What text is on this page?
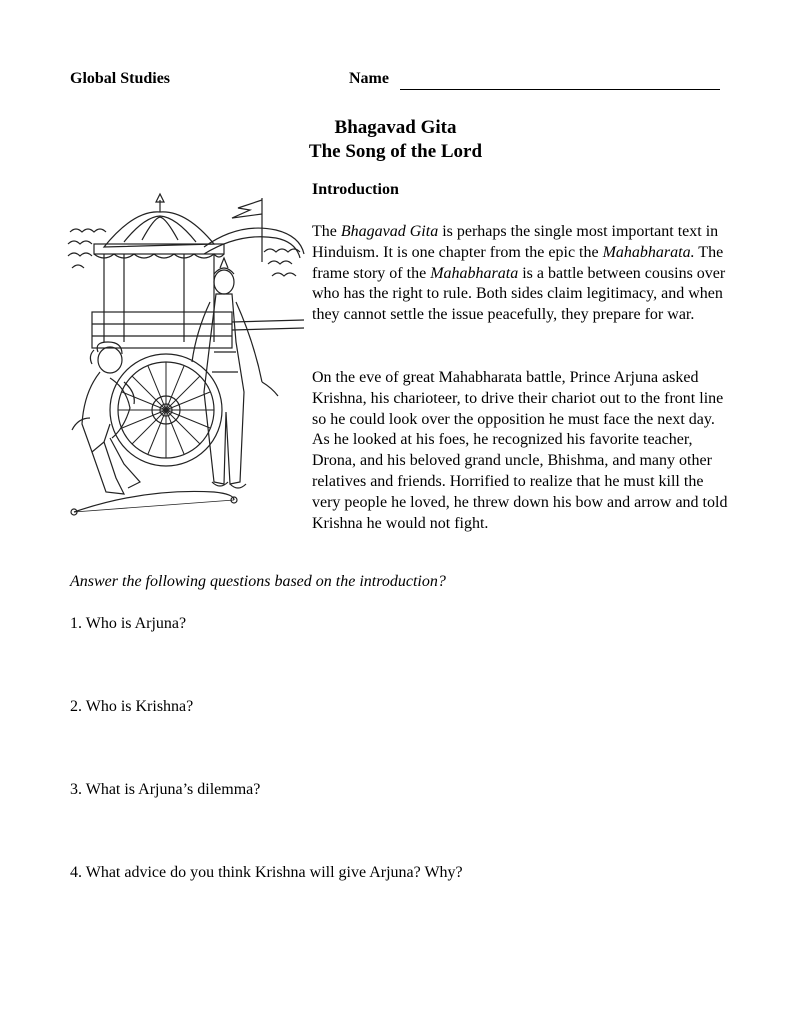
Global Studies	Name
Bhagavad Gita
The Song of the Lord
Introduction

The Bhagavad Gita is perhaps the single most important text in Hinduism. It is one chapter from the epic the Mahabharata. The frame story of the Mahabharata is a battle between cousins over who has the right to rule. Both sides claim legitimacy, and when they cannot settle the issue peacefully, they prepare for war.

On the eve of great Mahabharata battle, Prince Arjuna asked Krishna, his charioteer, to drive their chariot out to the front line so he could look over the opposition he must face the next day. As he looked at his foes, he recognized his favorite teacher, Drona, and his beloved grand uncle, Bhishma, and many other relatives and friends. Horrified to realize that he must kill the very people he loved, he threw down his bow and arrow and told Krishna he would not fight.

Answer the following questions based on the introduction?
1. Who is Arjuna?
2. Who is Krishna?
3. What is Arjuna’s dilemma?
4. What advice do you think Krishna will give Arjuna? Why?
